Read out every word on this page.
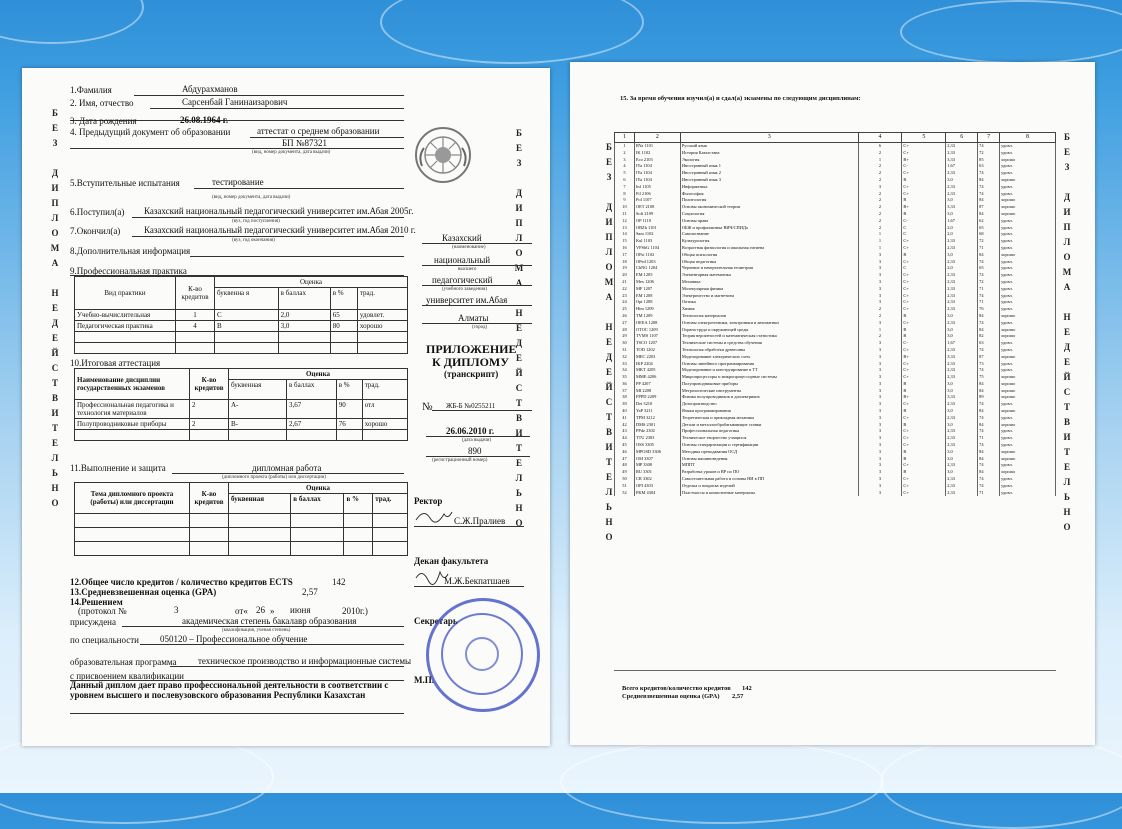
БЕЗ ДИПЛОМА НЕДЕЙСТВИТЕЛЬНО	БЕЗ ДИПЛОМА НЕДЕЙСТВИТЕЛЬНО
1.Фамилия	Абдурахманов
2. Имя, отчество	Сарсенбай Ганинаизарович
3. Дата рождения	26.08.1964 г.
4. Предыдущий документ об образовании	аттестат о среднем образовании
БП №87321
(вид, номер документа, дата выдачи)
5.Вступительные испытания	тестирование
(вид, номер документа, дата выдачи)
6.Поступил(а) Казахский национальный педагогический университет им.Абая 2005г.
(вуз, год поступления)
7.Окончил(а)	Казахский национальный педагогический университет им.Абая 2010 г.
(вуз, год окончания)
8.Дополнительная информация
9.Профессиональная практика
Вид практики	К-во кредитов	Оценка			
		буквенна я	в баллах	в %	трад.
Учебно-вычислительная	1	C	2,0	65	удовлет.
Педагогическая практика	4	B	3,0	80	хорошо

10.Итоговая аттестация
Наименование дисциплин государственных экзаменов	К-во кредитов	Оценка			
		буквенная	в баллах	в %	трад.
Профессиональная педагогика и технология материалов	2	A-	3,67	90	отл
Полупроводниковые приборы	2	B-	2,67	76	хорошо

11.Выполнение и защита	дипломная работа
(дипломного проекта (работы) или диссертации)
Тема дипломного проекта (работы) или диссертации	К-во кредитов	Оценка			
		буквенная	в баллах	в %	трад.

12.Общее число кредитов / количество кредитов ECTS	142
13.Средневзвешенная оценка (GPA)	2,57
14.Решением
(протокол №	3	от« 26 » июня	2010г.)
присуждена	академическая степень бакалавр образования
(квалификация, ученая степень)
по специальности 050120 – Профессиональное обучение
образовательная программа техническое производство и информационные системы
с присвоением квалификации
Данный диплом дает право профессиональной деятельности в соответствии с уровнем высшего и послевузовского образования Республики Казахстан
Казахский
(наименование)
национальный
высшего
педагогический
(учебного заведения)
университет им.Абая
Алматы
(город)
ПРИЛОЖЕНИЕ
К ДИПЛОМУ
(транскрипт)
№ ЖБ-Б №0255211
26.06.2010 г.
(дата выдачи)
890
(регистрационный номер)
Ректор
С.Ж.Пралиев
Декан факультета
М.Ж.Бекпатшаев
Секретарь
М.П.
БЕЗ ДИПЛОМА НЕДЕЙСТВИТЕЛЬНО	БЕЗ ДИПЛОМА НЕДЕЙСТВИТЕЛЬНО
15. За время обучения изучил(а) и сдал(а) экзамены по следующим дисциплинам:
1	2	3	4	5	6	7	8
1	RYa 1101	Русский язык	6	C+	2,33	74	удовл.
2	IK 1102	История Казахстана	2	C+	2,33	72	удовл.
3	Eco 2103	Экология	1	B+	3,33	85	хорошо
4	IYa 1104	Иностранный язык 1	2	C-	1,67	63	удовл.
5	IYa 1104	Иностранный язык 2	2	C+	2,33	74	удовл.
6	IYa 1104	Иностранный язык 3	2	B	3,0	84	хорошо
7	Inf 1105	Информатика	3	C+	2,33	74	удовл.
8	Fil 2106	Философия	2	C+	2,33	74	удовл.
9	Pol 1107	Политология	2	B	3,0	84	хорошо
10	OET 2108	Основы экономической теории	2	B+	3,33	87	хорошо
11	Soft 2109	Социология	2	B	3,0	84	хорошо
12	OP 1110	Основы права	2	C-	1,67	62	удовл.
13	OBZh 1101	ОБЖ и профилактика ВИЧ/СПИДа	2	C	2,0	65	удовл.
14	Sam 1102	Самопознание	1	C	2,0	68	удовл.
15	Kul 1103	Культурология	1	C+	2,33	72	удовл.
16	VFShG 1104	Возрастная физиология и школьная гигиена	1	C+	2,33	71	удовл.
17	OPsi 1102	Общая психология	3	B	3,0	84	хорошо
18	OPed 1203	Общая педагогика	3	C+	2,33	74	удовл.
19	ChNG 1204	Черчение и начертательная геометрия	3	C	2,0	65	удовл.
20	EM 1205	Элементарная математика	3	C+	2,33	74	удовл.
21	Mex 1206	Механика	3	C+	2,33	72	удовл.
22	MF 1207	Молекулярная физика	3	C+	2,33	71	удовл.
23	EM 1208	Электричество и магнетизм	3	C+	2,33	74	удовл.
24	Opt 1208	Оптика	3	C+	2,33	71	удовл.
25	Him 1209	Химия	2	C+	2,33	76	удовл.
26	TM 1209	Технология материалов	2	B	3,0	84	хорошо
27	OEEA 1208	Основы электротехники, электроники и автоматики	3	C+	2,33	74	удовл.
28	OTOC 1209	Охрана труда и окружающей среды	1	B	3,0	84	хорошо
29	TVMS 1107	Теория вероятностей и математическая статистика	2	B	3,0	82	хорошо
30	TSCO 1207	Технические системы и средства обучения	3	C-	1,67	63	удовл.
31	TOD 1202	Технология обработки древесины	3	C+	2,33	74	удовл.
32	MEC 2203	Моделирование электрических схем	3	B+	3,33	87	хорошо
33	IKP 2204	Основы линейного программирования	3	C+	2,33	73	удовл.
34	MKT 4205	Моделирование и конструирование в ТТ	3	C+	2,33	74	удовл.
35	MME 4206	Микропроцессоры и микропроцессорные системы	3	C+	2,33	75	хорошо
36	PP 4207	Полупроводниковые приборы	3	B	3,0	84	хорошо
37	MI 2208	Метрологические инструменты	3	B	3,0	84	хорошо
38	FPPD 2209	Физика полупроводников и диэлектриков	3	B+	3,33	89	хорошо
39	Det 3210	Делопроизводство	3	C+	2,33	74	удовл.
40	YaP 3211	Языки программирования	3	B	3,0	84	хорошо
41	TPM 3212	Теоретическая и прикладная механика	3	C+	2,33	74	удовл.
42	DMS 2301	Детали и металлообрабатывающие станки	3	B	3,0	84	хорошо
43	PPdz 2302	Профессиональная педагогика	3	C+	2,33	74	удовл.
44	TTU 2303	Техническое творчество учащихся	3	C+	2,33	71	удовл.
45	OSS 3305	Основы стандартизации и сертификации	3	C+	2,33	74	удовл.
46	MPOSD 3306	Методика преподавания ОСД	3	B	3,0	84	хорошо
47	OM 3307	Основы машиноведения	3	B	3,0	84	хорошо
48	MP 3308	МППТ	3	C+	2,33	74	удовл.
49	RU 3301	Разработка уроков и ВР по ПО	3	B	3,0	84	хорошо
50	CR 3302	Самостоятельная работа и основы НИ в ПП	3	C+	2,33	74	удовл.
51	OPI 4303	Отделка и покраска изделий	3	C+	2,33	74	удовл.
52	PKM 4304	Пластмассы и композитные материалы	3	C+	2,33	71	удовл.
Всего кредитов/количество кредитов 142
Средневзвешенная оценка (GPA) 2,57
